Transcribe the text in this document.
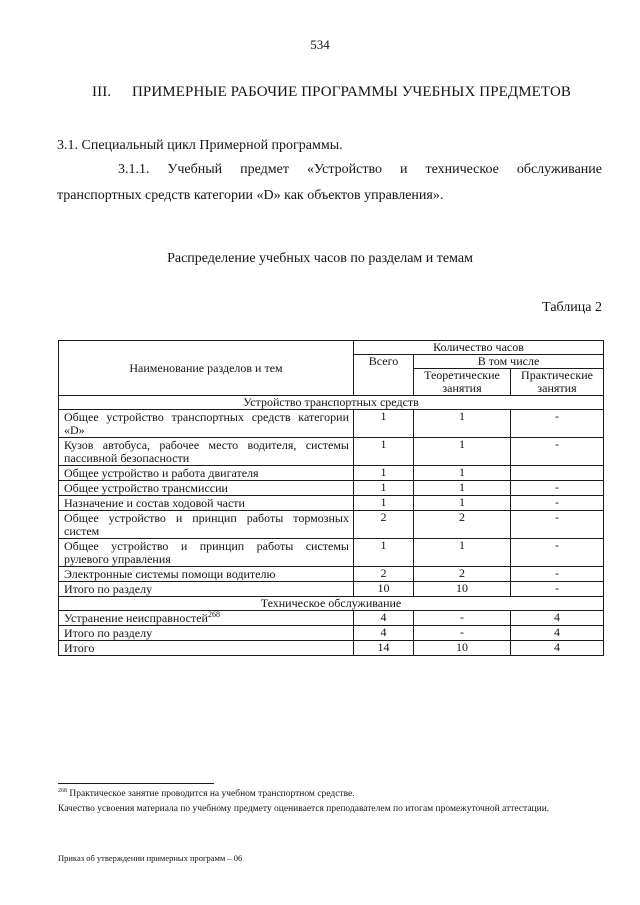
534
III. ПРИМЕРНЫЕ РАБОЧИЕ ПРОГРАММЫ УЧЕБНЫХ ПРЕДМЕТОВ
3.1. Специальный цикл Примерной программы.
3.1.1. Учебный предмет «Устройство и техническое обслуживание
транспортных средств категории «D» как объектов управления».
Распределение учебных часов по разделам и темам
Таблица 2
Наименование разделов и тем	Количество часов		
	Всего	В том числе	
		Теоретические занятия	Практические занятия
Устройство транспортных средств			
Общее устройство транспортных средств категории «D»	1	1	-
Кузов автобуса, рабочее место водителя, системы пассивной безопасности	1	1	-
Общее устройство и работа двигателя	1	1	
Общее устройство трансмиссии	1	1	-
Назначение и состав ходовой части	1	1	-
Общее устройство и принцип работы тормозных систем	2	2	-
Общее устройство и принцип работы системы рулевого управления	1	1	-
Электронные системы помощи водителю	2	2	-
Итого по разделу	10	10	-
Техническое обслуживание			
Устранение неисправностей$^{268}$	4	-	4
Итого по разделу	4	-	4
Итого	14	10	4
$^{268}$ Практическое занятие проводится на учебном транспортном средстве.
Качество усвоения материала по учебному предмету оценивается преподавателем по итогам промежуточной аттестации.
Приказ об утверждении примерных программ – 06
